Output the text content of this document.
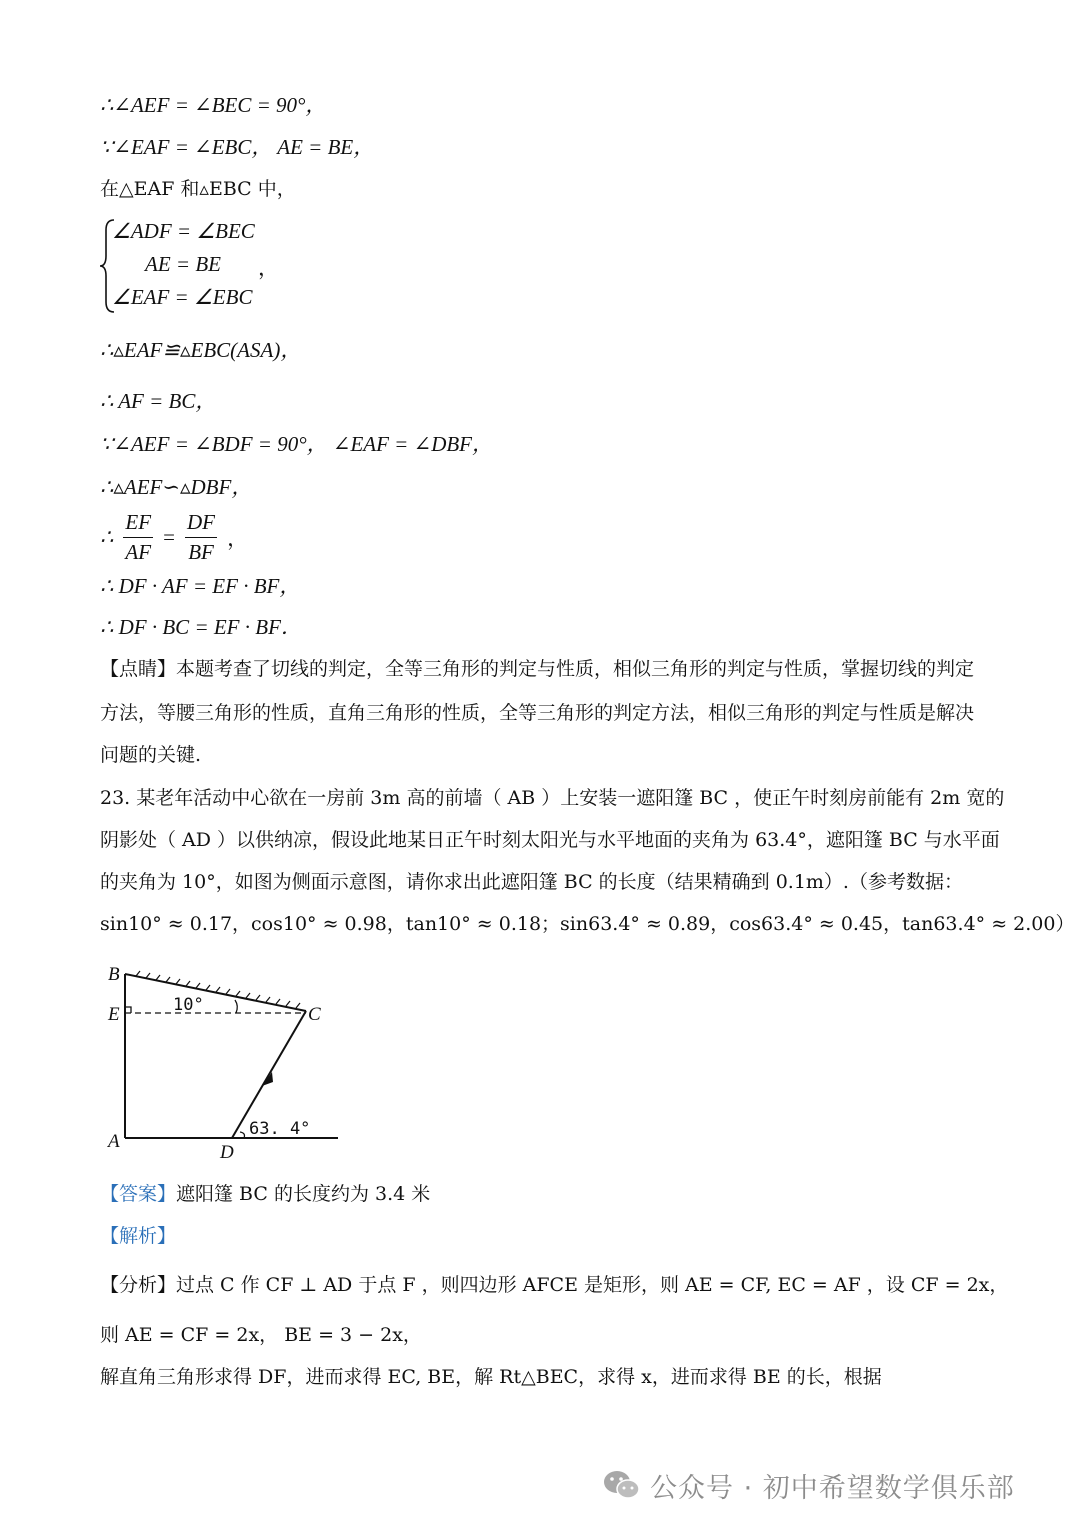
∴∠AEF = ∠BEC = 90°，
∵∠EAF = ∠EBC， AE = BE，
在△EAF 和▵EBC 中，
∠ADF = ∠BEC
AE = BE ，
∠EAF = ∠EBC
∴▵EAF≌▵EBC(ASA)，
∴ AF = BC，
∵∠AEF = ∠BDF = 90°， ∠EAF = ∠DBF，
∴▵AEF∽▵DBF，
∴ $\frac{EF}{AF} = \frac{DF}{BF}$ ，
∴ DF · AF = EF · BF，
∴ DF · BC = EF · BF．
【点睛】本题考查了切线的判定，全等三角形的判定与性质，相似三角形的判定与性质，掌握切线的判定
方法，等腰三角形的性质，直角三角形的性质，全等三角形的判定方法，相似三角形的判定与性质是解决
问题的关键.
23. 某老年活动中心欲在一房前 3m 高的前墙（ AB ）上安装一遮阳篷 BC ，使正午时刻房前能有 2m 宽的
阴影处（ AD ）以供纳凉，假设此地某日正午时刻太阳光与水平地面的夹角为 63.4°，遮阳篷 BC 与水平面
的夹角为 10°，如图为侧面示意图，请你求出此遮阳篷 BC 的长度（结果精确到 0.1m）.（参考数据：
sin10° ≈ 0.17，cos10° ≈ 0.98，tan10° ≈ 0.18；sin63.4° ≈ 0.89，cos63.4° ≈ 0.45，tan63.4° ≈ 2.00）
B
E
A
C
D
10°
63. 4°
【答案】遮阳篷 BC 的长度约为 3.4 米
【解析】
【分析】过点 C 作 CF ⊥ AD 于点 F ，则四边形 AFCE 是矩形，则 AE = CF, EC = AF ，设 CF = 2x，
则 AE = CF = 2x， BE = 3 − 2x，
解直角三角形求得 DF，进而求得 EC, BE，解 Rt△BEC，求得 x，进而求得 BE 的长，根据
公众号 · 初中希望数学俱乐部
